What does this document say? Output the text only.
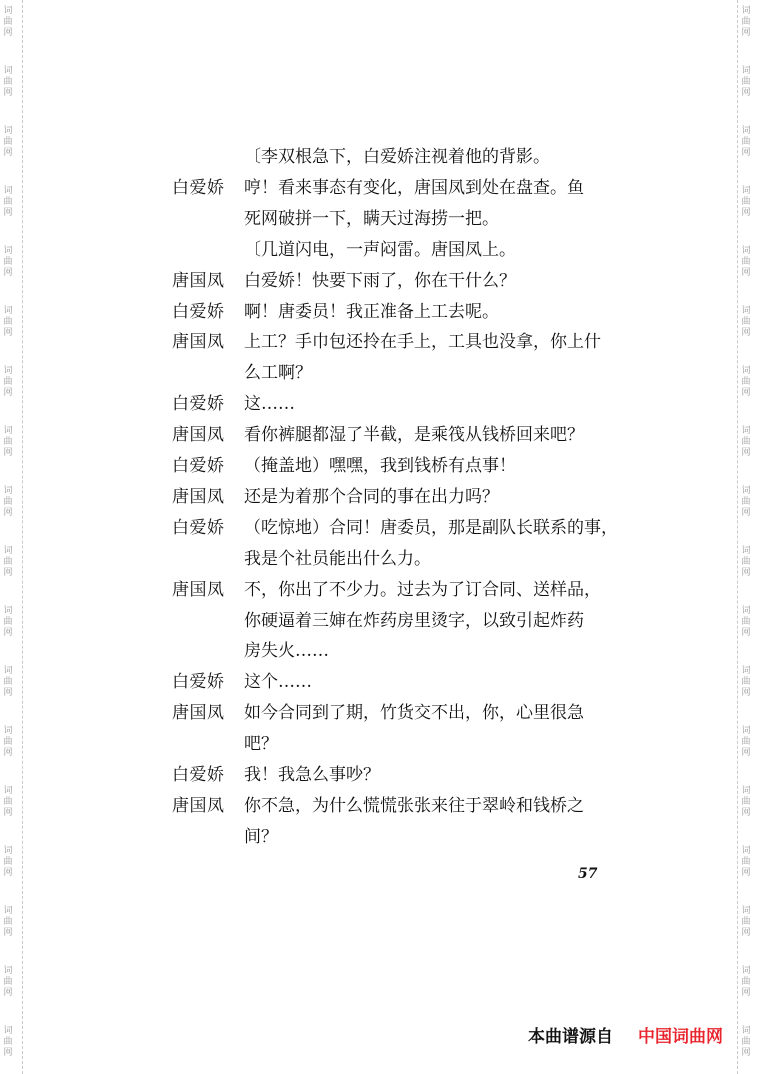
词曲网
词曲网
词曲网
词曲网
词曲网
词曲网
词曲网
词曲网
词曲网
词曲网
词曲网
词曲网
词曲网
词曲网
词曲网
词曲网
词曲网
词曲网
词曲网
词曲网
词曲网
词曲网
词曲网
词曲网
词曲网
词曲网
词曲网
词曲网
词曲网
词曲网
词曲网
词曲网
词曲网
词曲网
词曲网
词曲网
〔李双根急下，白爱娇注视着他的背影。
白爱娇 哼！看来事态有变化，唐国凤到处在盘查。鱼
死网破拼一下，瞒天过海捞一把。
〔几道闪电，一声闷雷。唐国凤上。
唐国凤 白爱娇！快要下雨了，你在干什么？
白爱娇 啊！唐委员！我正准备上工去呢。
唐国凤 上工？手巾包还拎在手上，工具也没拿，你上什
么工啊？
白爱娇 这……
唐国凤 看你裤腿都湿了半截，是乘筏从钱桥回来吧？
白爱娇 （掩盖地）嘿嘿，我到钱桥有点事！
唐国凤 还是为着那个合同的事在出力吗？
白爱娇 （吃惊地）合同！唐委员，那是副队长联系的事，
我是个社员能出什么力。
唐国凤 不，你出了不少力。过去为了订合同、送样品，
你硬逼着三婶在炸药房里烫字，以致引起炸药
房失火……
白爱娇 这个……
唐国凤 如今合同到了期，竹货交不出，你，心里很急
吧？
白爱娇 我！我急么事吵？
唐国凤 你不急，为什么慌慌张张来往于翠岭和钱桥之
间？
57
本曲谱源自 中国词曲网
